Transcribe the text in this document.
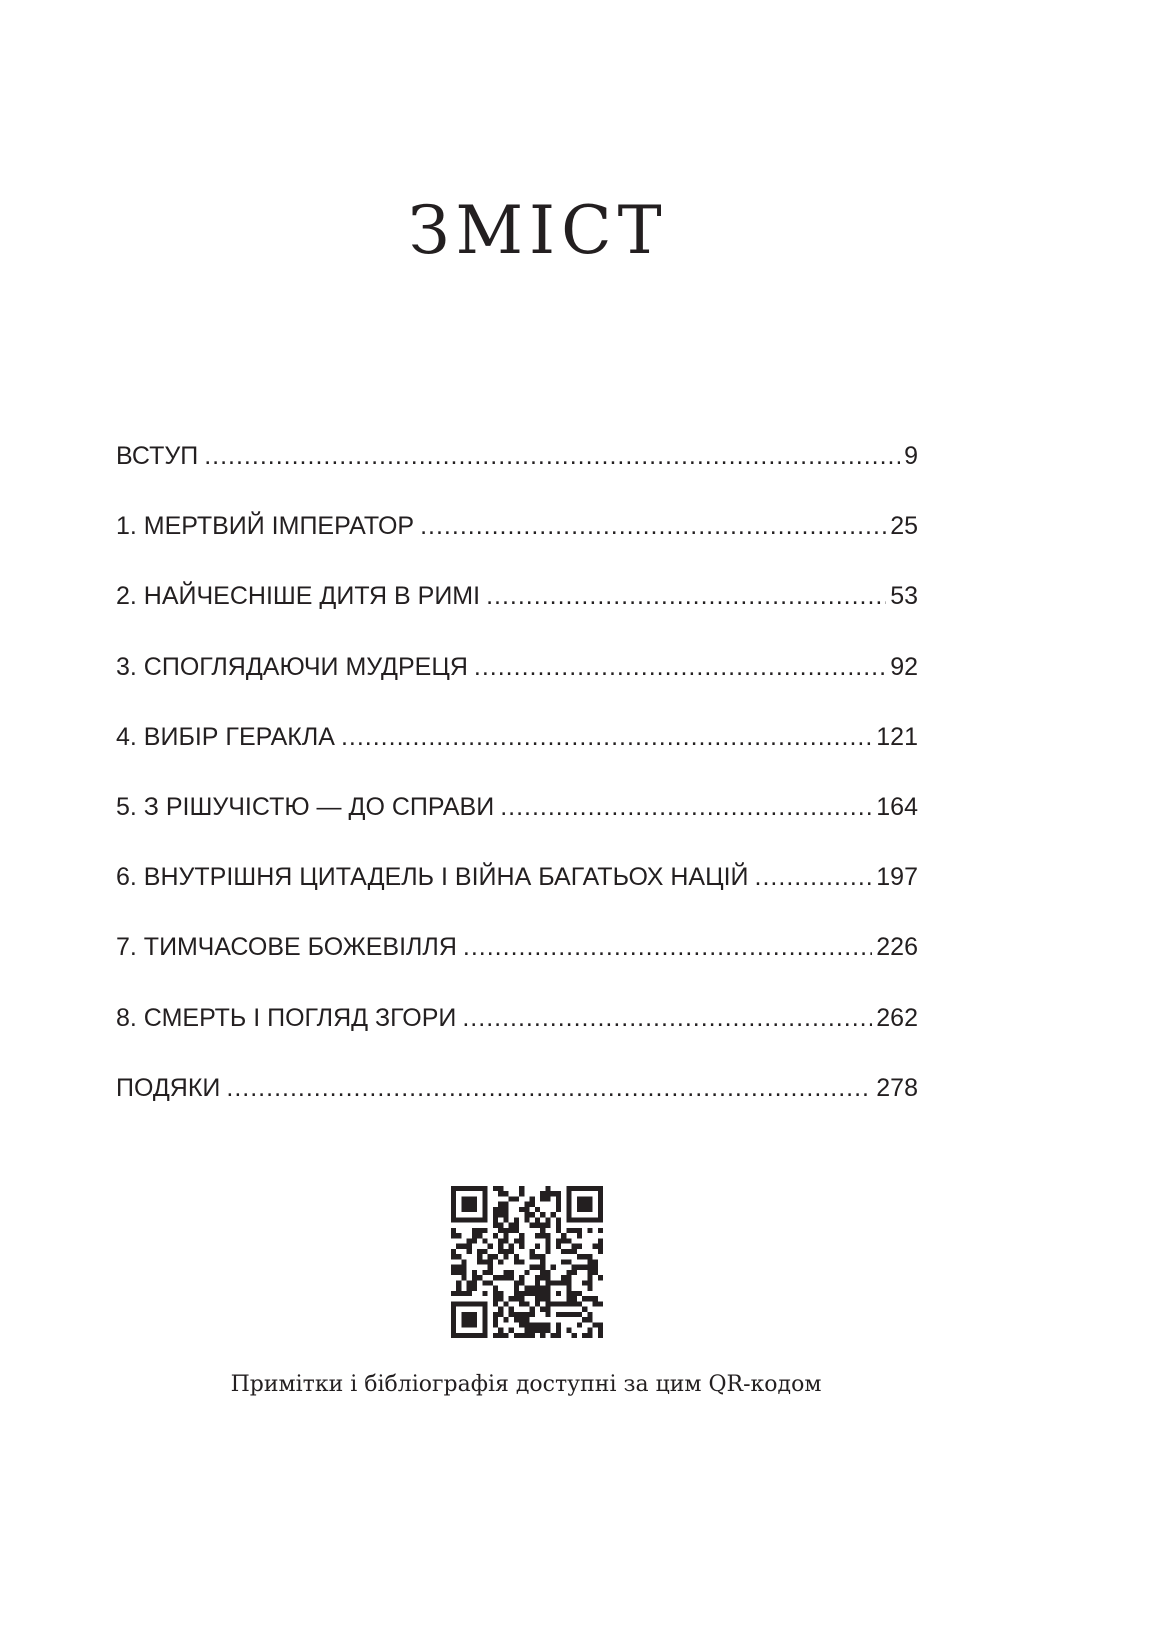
ЗМІСТ
ВСТУП .....	9
1. МЕРТВИЙ ІМПЕРАТОР .....	25
2. НАЙЧЕСНІШЕ ДИТЯ В РИМІ .....	53
3. СПОГЛЯДАЮЧИ МУДРЕЦЯ .....	92
4. ВИБІР ГЕРАКЛА .....	121
5. З РІШУЧІСТЮ — ДО СПРАВИ .....	164
6. ВНУТРІШНЯ ЦИТАДЕЛЬ І ВІЙНА БАГАТЬОХ НАЦІЙ .....	197
7. ТИМЧАСОВЕ БОЖЕВІЛЛЯ .....	226
8. СМЕРТЬ І ПОГЛЯД ЗГОРИ .....	262
ПОДЯКИ .....	278

Примітки і бібліографія доступні за цим QR-кодом
